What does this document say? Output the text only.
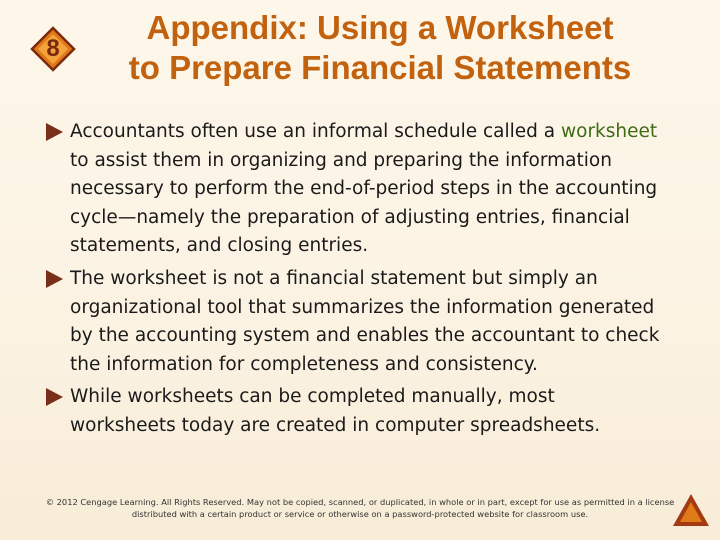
8
Appendix: Using a Worksheet
to Prepare Financial Statements
Accountants often use an informal schedule called a worksheet to assist them in organizing and preparing the information necessary to perform the end-of-period steps in the accounting cycle—namely the preparation of adjusting entries, financial statements, and closing entries.
The worksheet is not a financial statement but simply an organizational tool that summarizes the information generated by the accounting system and enables the accountant to check the information for completeness and consistency.
While worksheets can be completed manually, most worksheets today are created in computer spreadsheets.
© 2012 Cengage Learning. All Rights Reserved. May not be copied, scanned, or duplicated, in whole or in part, except for use as permitted in a license
distributed with a certain product or service or otherwise on a password-protected website for classroom use.
